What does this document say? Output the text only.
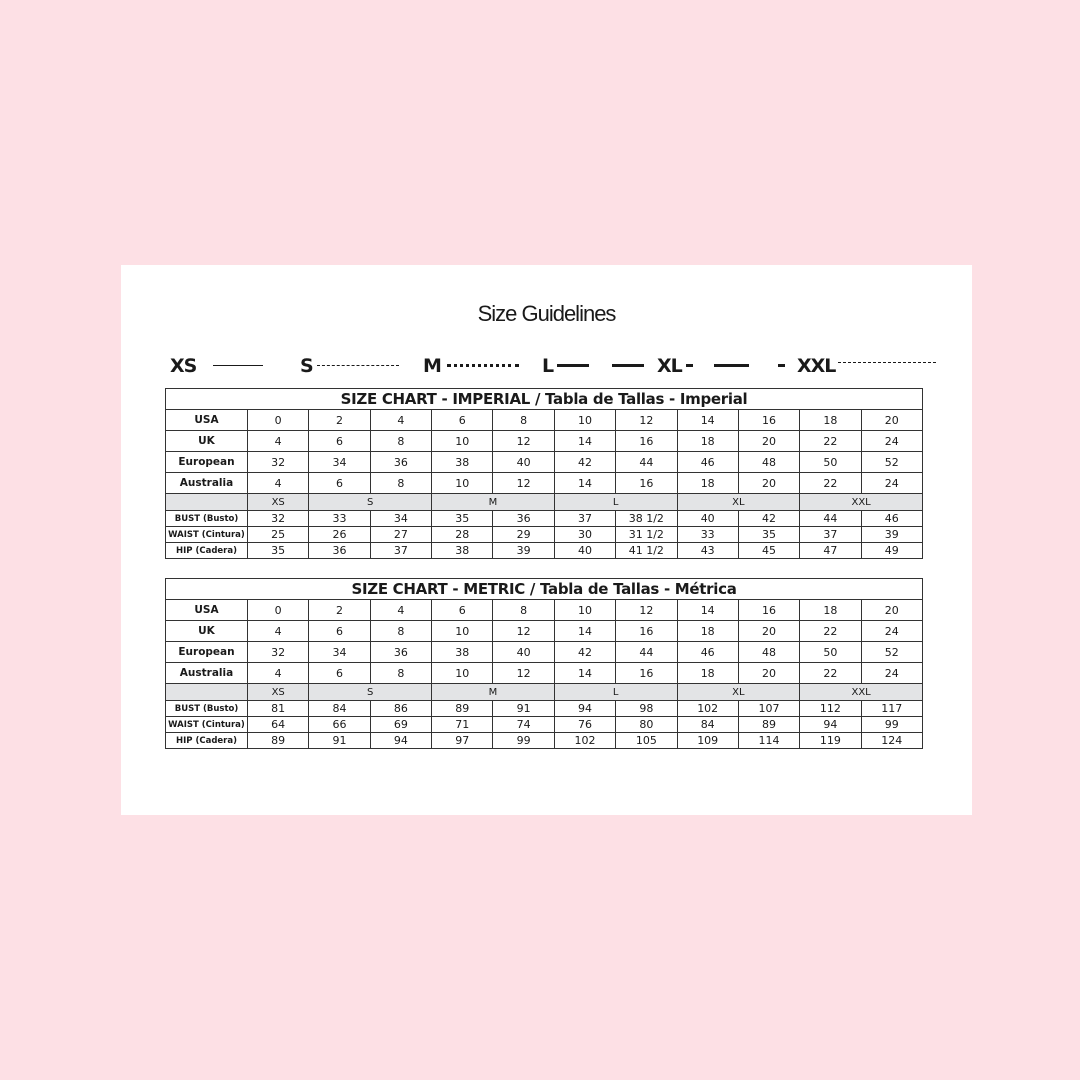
Size Guidelines
XS	S	M	L	XL	XXL
SIZE CHART - IMPERIAL / Tabla de Tallas - Imperial											
USA	0	2	4	6	8	10	12	14	16	18	20
UK	4	6	8	10	12	14	16	18	20	22	24
European	32	34	36	38	40	42	44	46	48	50	52
Australia	4	6	8	10	12	14	16	18	20	22	24
	XS	S		M		L		XL		XXL	
BUST (Busto)	32	33	34	35	36	37	38 1/2	40	42	44	46
WAIST (Cintura)	25	26	27	28	29	30	31 1/2	33	35	37	39
HIP (Cadera)	35	36	37	38	39	40	41 1/2	43	45	47	49
SIZE CHART - METRIC / Tabla de Tallas - Métrica											
USA	0	2	4	6	8	10	12	14	16	18	20
UK	4	6	8	10	12	14	16	18	20	22	24
European	32	34	36	38	40	42	44	46	48	50	52
Australia	4	6	8	10	12	14	16	18	20	22	24
	XS	S		M		L		XL		XXL	
BUST (Busto)	81	84	86	89	91	94	98	102	107	112	117
WAIST (Cintura)	64	66	69	71	74	76	80	84	89	94	99
HIP (Cadera)	89	91	94	97	99	102	105	109	114	119	124
